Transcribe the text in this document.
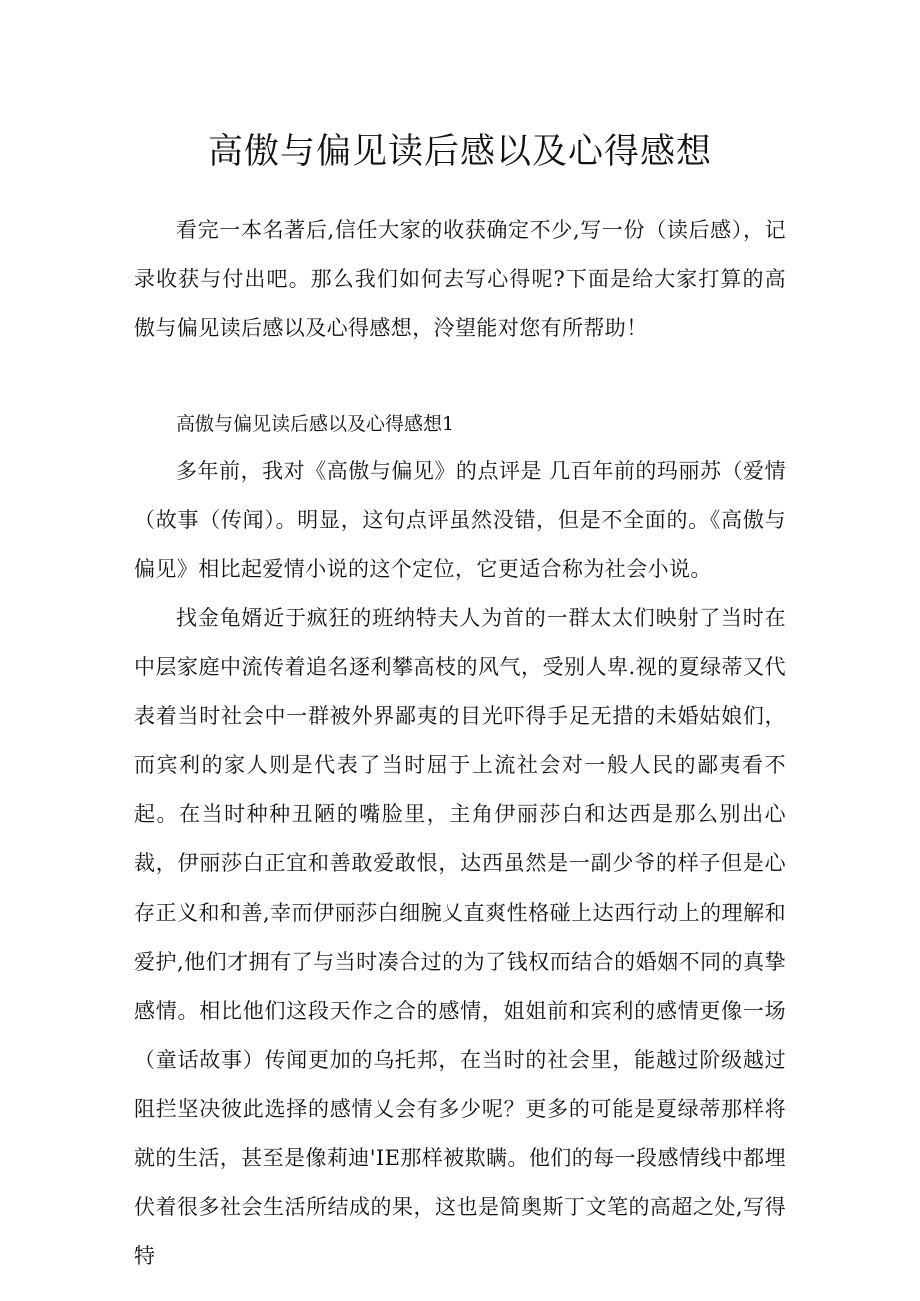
高傲与偏见读后感以及心得感想

看完一本名著后,信任大家的收获确定不少,写一份（读后感），记录收获与付出吧。那么我们如何去写心得呢?下面是给大家打算的高傲与偏见读后感以及心得感想，泠望能对您有所帮助！

高傲与偏见读后感以及心得感想1

多年前，我对《高傲与偏见》的点评是 几百年前的玛丽苏（爱情（故事（传闻）。明显，这句点评虽然没错，但是不全面的。《高傲与偏见》相比起爱情小说的这个定位，它更适合称为社会小说。

找金龟婿近于疯狂的班纳特夫人为首的一群太太们映射了当时在中层家庭中流传着追名逐利攀高枝的风气，受别人卑.视的夏绿蒂又代表着当时社会中一群被外界鄙夷的目光吓得手足无措的未婚姑娘们，而宾利的家人则是代表了当时屈于上流社会对一般人民的鄙夷看不起。在当时种种丑陋的嘴脸里，主角伊丽莎白和达西是那么别出心裁，伊丽莎白正宜和善敢爱敢恨，达西虽然是一副少爷的样子但是心存正义和和善,幸而伊丽莎白细腕乂直爽性格碰上达西行动上的理解和爱护,他们才拥有了与当时凑合过的为了钱权而结合的婚姻不同的真挚感情。相比他们这段天作之合的感情，姐姐前和宾利的感情更像一场（童话故事）传闻更加的乌托邦，在当时的社会里，能越过阶级越过阻拦坚决彼此选择的感情乂会有多少呢？更多的可能是夏绿蒂那样将就的生活，甚至是像莉迪'IE那样被欺瞒。他们的每一段感情线中都埋伏着很多社会生活所结成的果，这也是简奥斯丁文笔的高超之处,写得特
